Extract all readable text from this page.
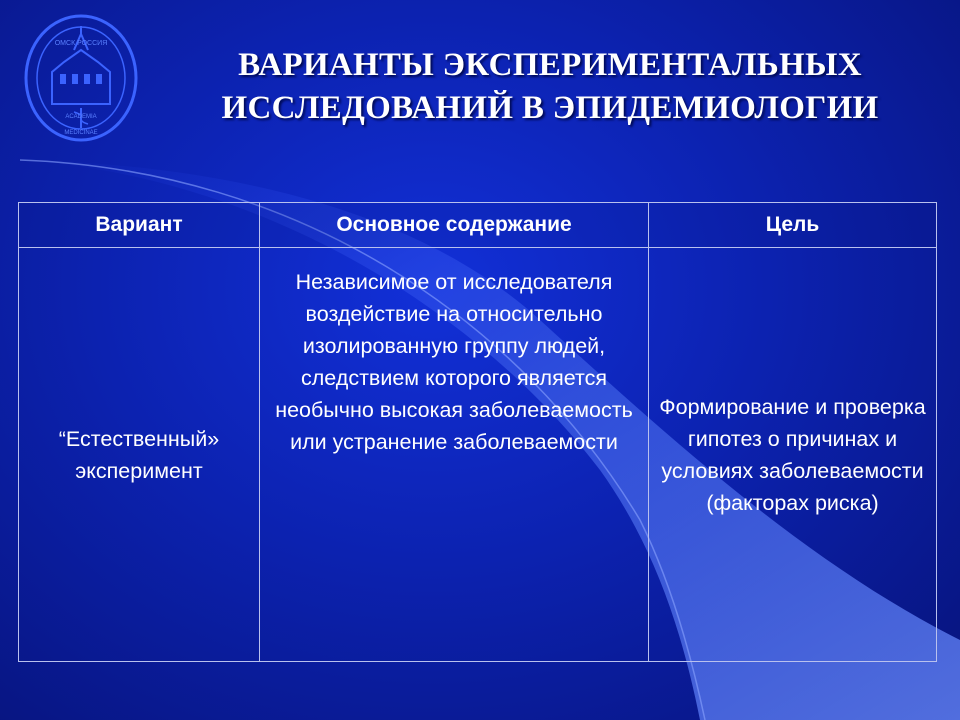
ОМСК РОССИЯ
ACADEMIA
MEDICINAE
ВАРИАНТЫ ЭКСПЕРИМЕНТАЛЬНЫХ
ИССЛЕДОВАНИЙ В ЭПИДЕМИОЛОГИИ
Вариант	Основное содержание	Цель
“Естественный» эксперимент	Независимое от исследователя воздействие на относительно изолированную группу людей, следствием которого является необычно высокая заболеваемость или устранение заболеваемости	Формирование и проверка гипотез о причинах и условиях заболеваемости (факторах риска)
